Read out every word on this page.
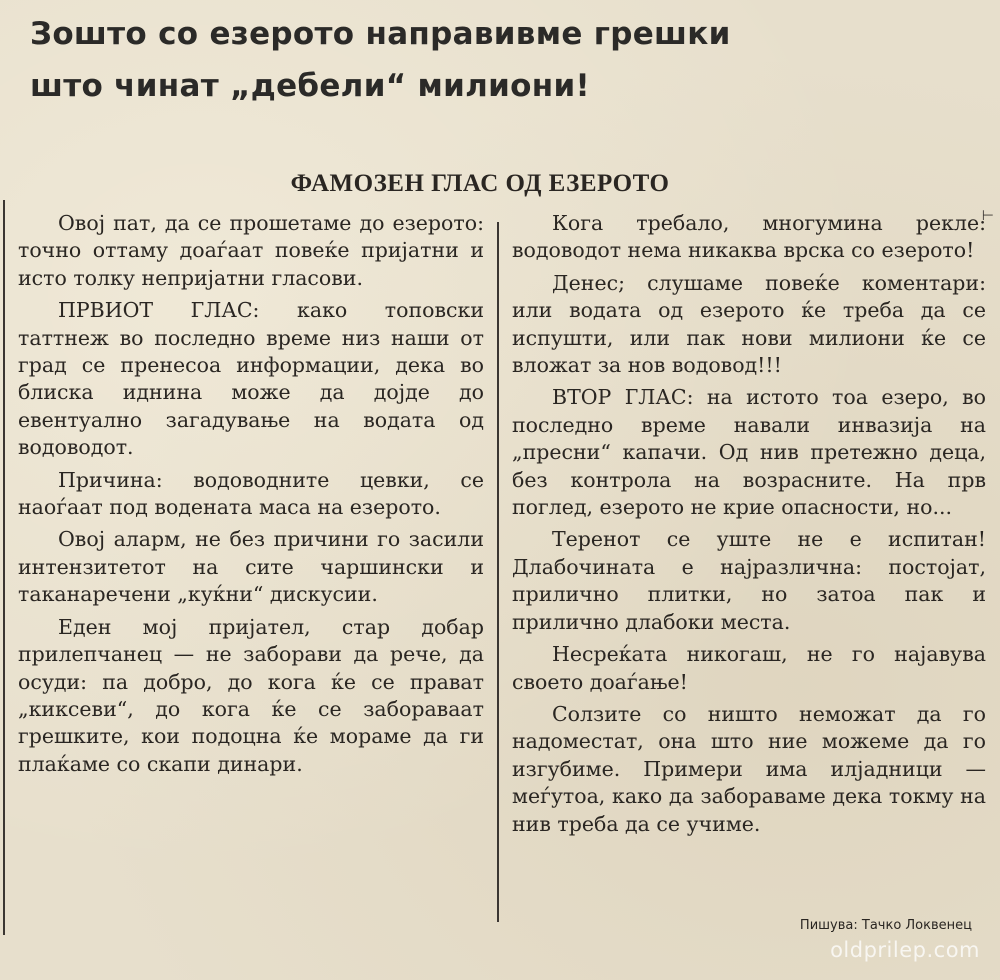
Зошто со езерото направивме грешки
што чинат „дебели“ милиони!
ФАМОЗЕН ГЛАС ОД ЕЗЕРОТО
⊢

Овој пат, да се прошетаме до езерото: точно оттаму доаѓаат повеќе пријатни и исто толку непријатни гласови.

ПРВИОТ ГЛАС: како топовски таттнеж во последно време низ наши от град се пренесоа информации, дека во блиска иднина може да дојде до евентуално загадување на водата од водоводот.

Причина: водоводните цевки, се наоѓаат под водената маса на езерото.

Овој аларм, не без причини го засили интензитетот на сите чаршински и таканаречени „куќни“ дискусии.

Еден мој пријател, стар добар прилепчанец — не заборави да рече, да осуди: па добро, до кога ќе се прават „киксеви“, до кога ќе се забораваат грешките, кои подоцна ќе мораме да ги плаќаме со скапи динари.

Кога требало, многумина рекле: водоводот нема никаква врска со езерото!

Денес; слушаме повеќе коментари: или водата од езерото ќе треба да се испушти, или пак нови милиони ќе се вложат за нов водовод!!!

ВТОР ГЛАС: на истото тоа езеро, во последно време навали инвазија на „пресни“ капачи. Од нив претежно деца, без контрола на возрасните. На прв поглед, езерото не крие опасности, но...

Теренот се уште не е испитан! Длабочината е најразлична: постојат, прилично плитки, но затоа пак и прилично длабоки места.

Несреќата никогаш, не го најавува своето доаѓање!

Солзите со ништо неможат да го надоместат, она што ние можеме да го изгубиме. Примери има илјадници — меѓутоа, како да забораваме дека токму на нив треба да се учиме.

Пишува: Тачко Локвенец
oldprilep.com
